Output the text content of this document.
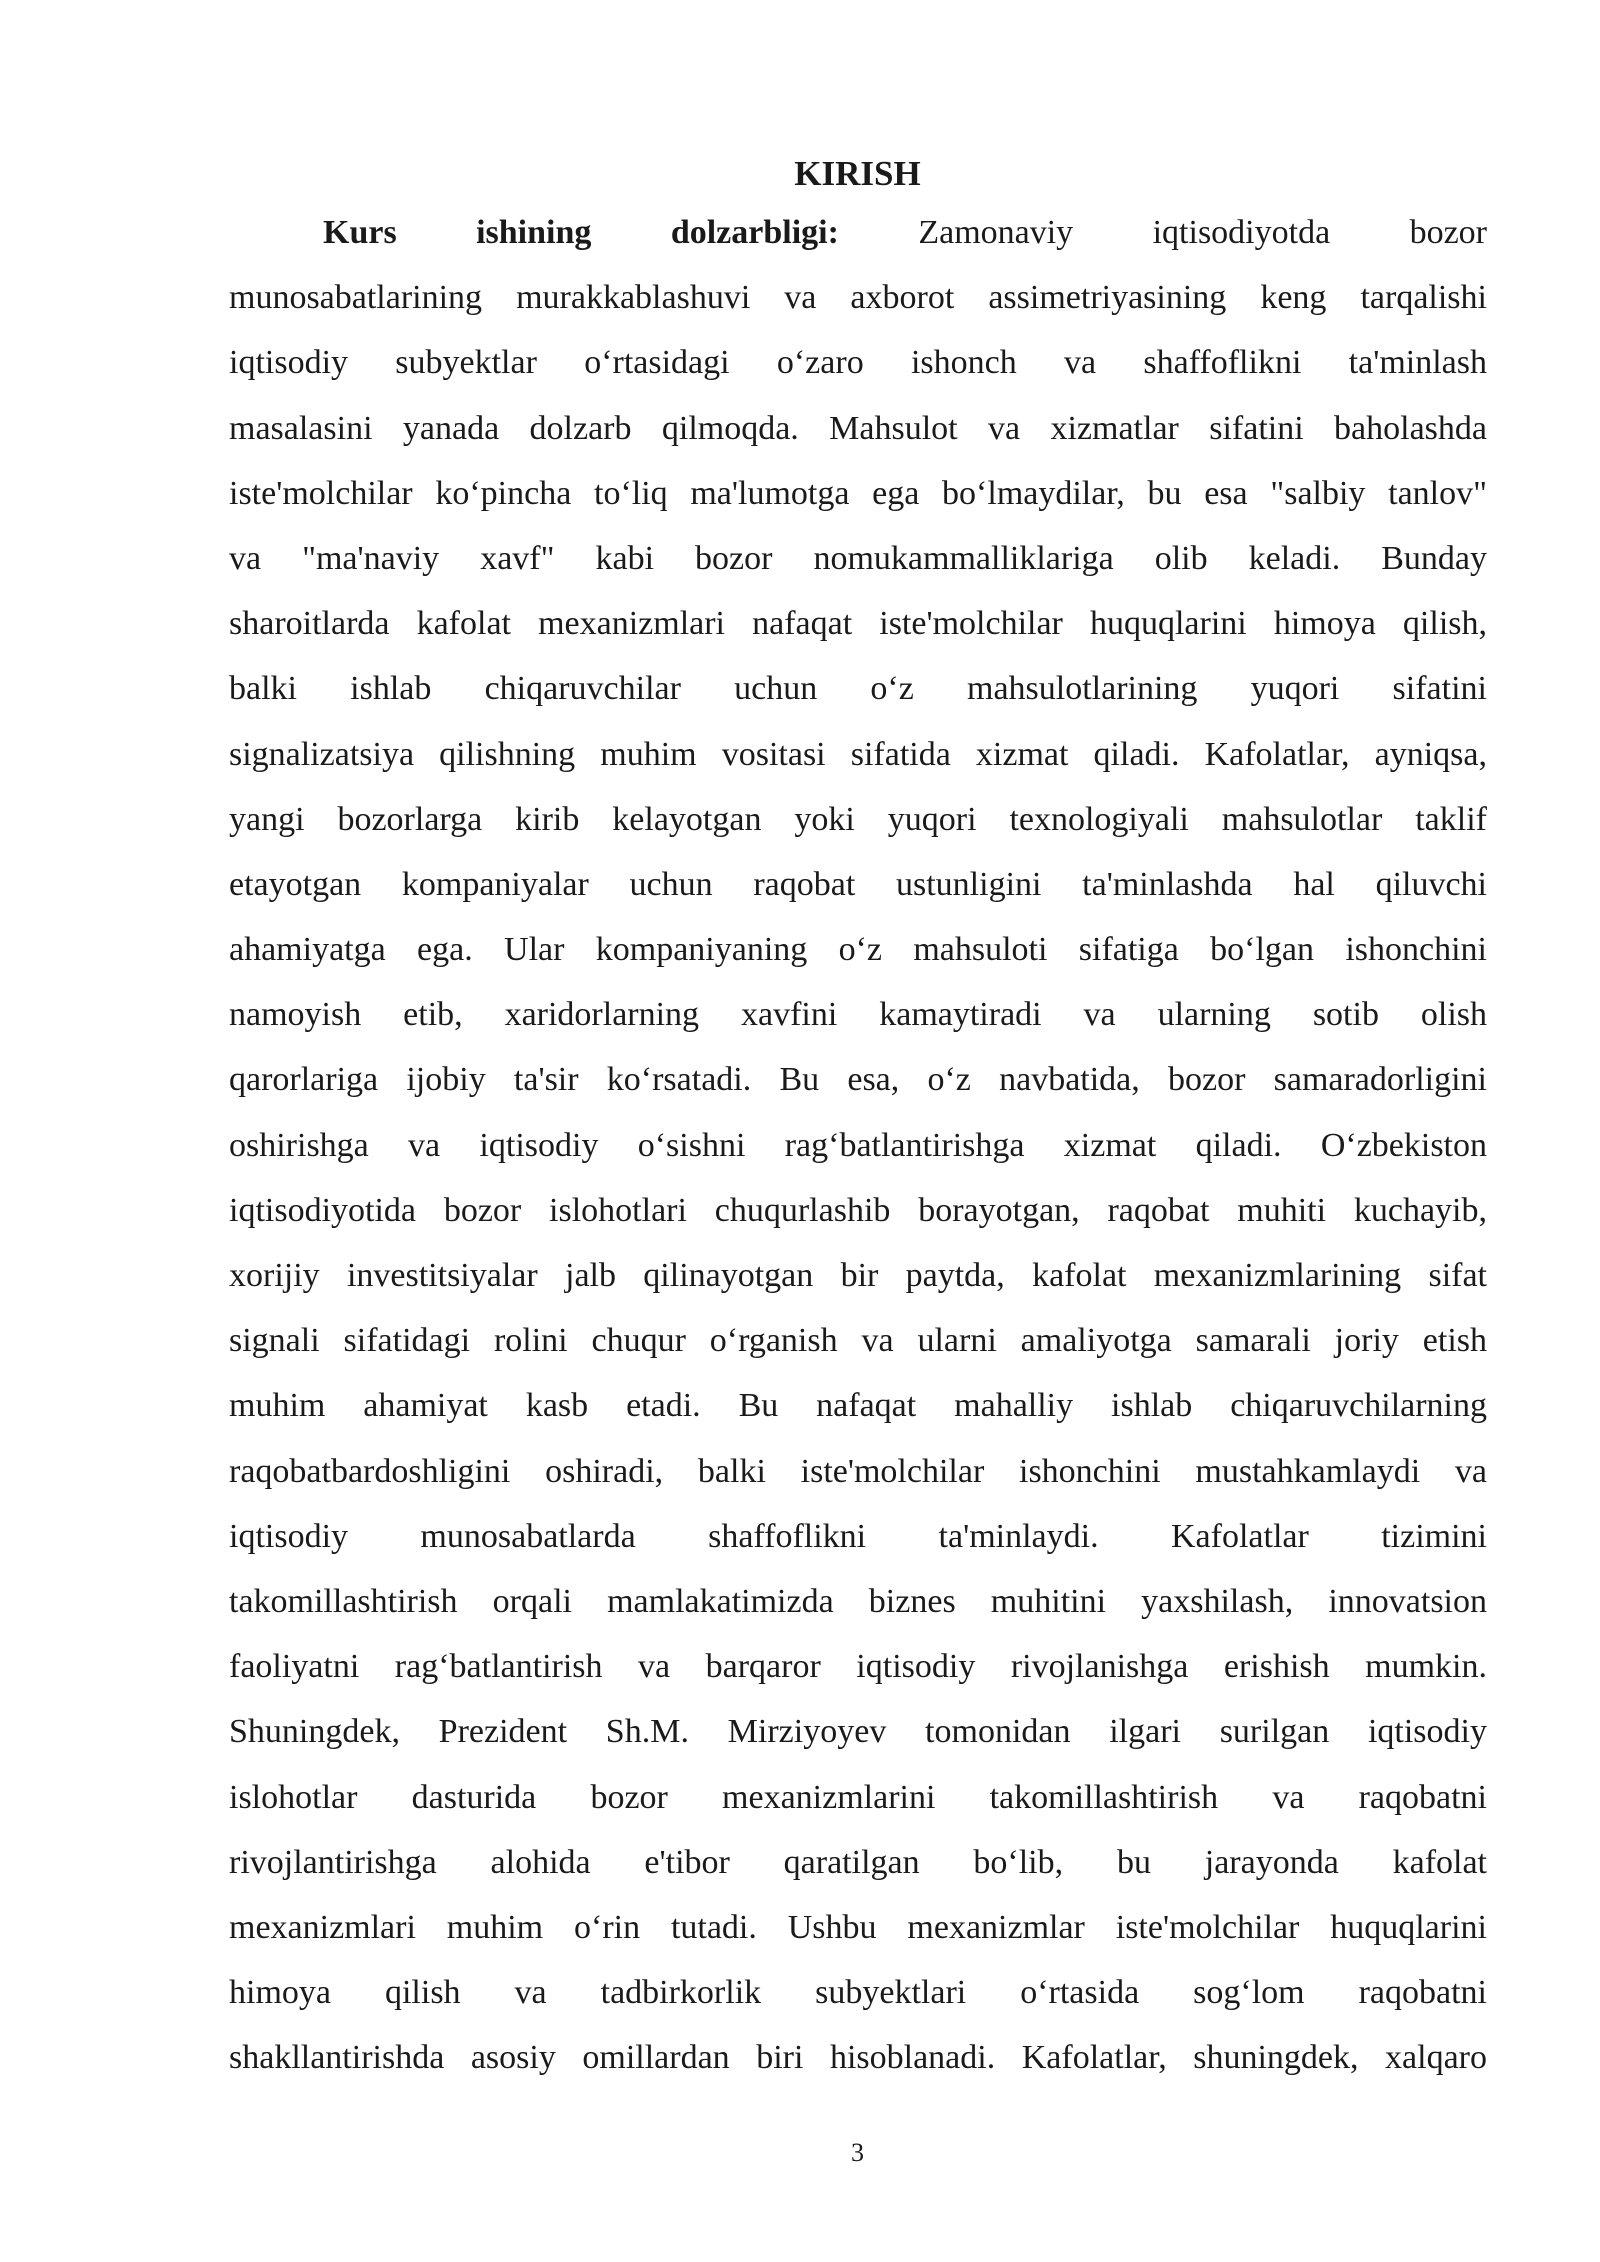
KIRISH
Kurs ishining dolzarbligi: Zamonaviy iqtisodiyotda bozor
munosabatlarining murakkablashuvi va axborot assimetriyasining keng tarqalishi
iqtisodiy subyektlar o‘rtasidagi o‘zaro ishonch va shaffoflikni ta'minlash
masalasini yanada dolzarb qilmoqda. Mahsulot va xizmatlar sifatini baholashda
iste'molchilar ko‘pincha to‘liq ma'lumotga ega bo‘lmaydilar, bu esa "salbiy tanlov"
va "ma'naviy xavf" kabi bozor nomukammalliklariga olib keladi. Bunday
sharoitlarda kafolat mexanizmlari nafaqat iste'molchilar huquqlarini himoya qilish,
balki ishlab chiqaruvchilar uchun o‘z mahsulotlarining yuqori sifatini
signalizatsiya qilishning muhim vositasi sifatida xizmat qiladi. Kafolatlar, ayniqsa,
yangi bozorlarga kirib kelayotgan yoki yuqori texnologiyali mahsulotlar taklif
etayotgan kompaniyalar uchun raqobat ustunligini ta'minlashda hal qiluvchi
ahamiyatga ega. Ular kompaniyaning o‘z mahsuloti sifatiga bo‘lgan ishonchini
namoyish etib, xaridorlarning xavfini kamaytiradi va ularning sotib olish
qarorlariga ijobiy ta'sir ko‘rsatadi. Bu esa, o‘z navbatida, bozor samaradorligini
oshirishga va iqtisodiy o‘sishni rag‘batlantirishga xizmat qiladi. O‘zbekiston
iqtisodiyotida bozor islohotlari chuqurlashib borayotgan, raqobat muhiti kuchayib,
xorijiy investitsiyalar jalb qilinayotgan bir paytda, kafolat mexanizmlarining sifat
signali sifatidagi rolini chuqur o‘rganish va ularni amaliyotga samarali joriy etish
muhim ahamiyat kasb etadi. Bu nafaqat mahalliy ishlab chiqaruvchilarning
raqobatbardoshligini oshiradi, balki iste'molchilar ishonchini mustahkamlaydi va
iqtisodiy munosabatlarda shaffoflikni ta'minlaydi. Kafolatlar tizimini
takomillashtirish orqali mamlakatimizda biznes muhitini yaxshilash, innovatsion
faoliyatni rag‘batlantirish va barqaror iqtisodiy rivojlanishga erishish mumkin.
Shuningdek, Prezident Sh.M. Mirziyoyev tomonidan ilgari surilgan iqtisodiy
islohotlar dasturida bozor mexanizmlarini takomillashtirish va raqobatni
rivojlantirishga alohida e'tibor qaratilgan bo‘lib, bu jarayonda kafolat
mexanizmlari muhim o‘rin tutadi. Ushbu mexanizmlar iste'molchilar huquqlarini
himoya qilish va tadbirkorlik subyektlari o‘rtasida sog‘lom raqobatni
shakllantirishda asosiy omillardan biri hisoblanadi. Kafolatlar, shuningdek, xalqaro
3
